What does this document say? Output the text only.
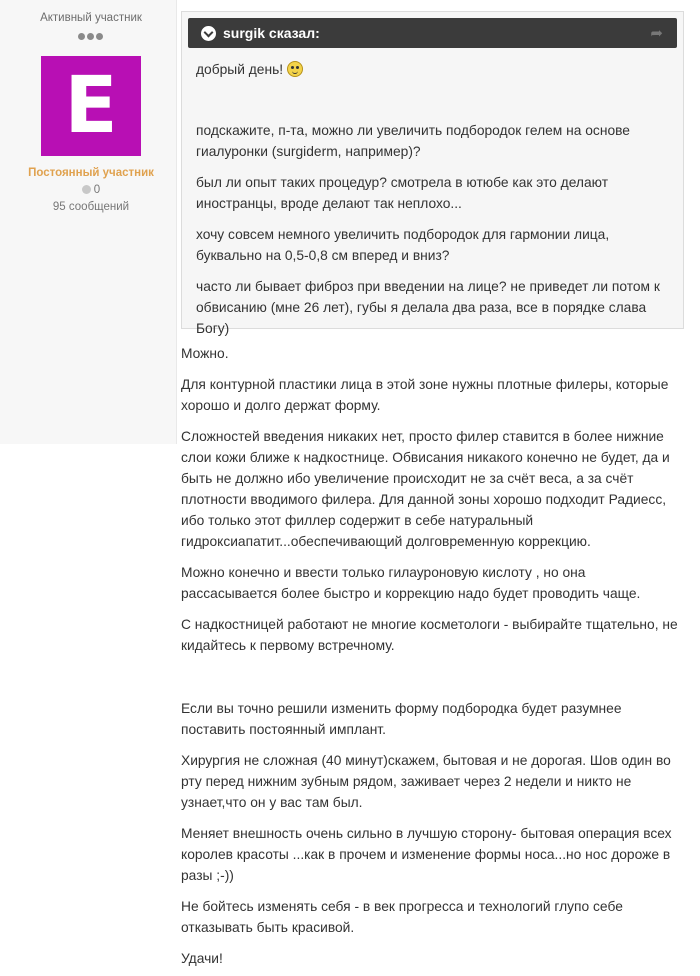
Активный участник
E
Постоянный участник
0
95 сообщений
surgik сказал:	➦

добрый день!

подскажите, п-та, можно ли увеличить подбородок гелем на основе гиалуронки (surgiderm, например)?

был ли опыт таких процедур? смотрела в ютюбе как это делают иностранцы, вроде делают так неплохо...

хочу совсем немного увеличить подбородок для гармонии лица, буквально на 0,5-0,8 см вперед и вниз?

часто ли бывает фиброз при введении на лице? не приведет ли потом к обвисанию (мне 26 лет), губы я делала два раза, все в порядке слава Богу)

Можно.

Для контурной пластики лица в этой зоне нужны плотные филеры, которые хорошо и долго держат форму.

Сложностей введения никаких нет, просто филер ставится в более нижние слои кожи ближе к надкостнице. Обвисания никакого конечно не будет, да и быть не должно ибо увеличение происходит не за счёт веса, а за счёт плотности вводимого филера. Для данной зоны хорошо подходит Радиесс, ибо только этот филлер содержит в себе натуральный гидроксиапатит...обеспечивающий долговременную коррекцию.

Можно конечно и ввести только гилауроновую кислоту , но она рассасывается более быстро и коррекцию надо будет проводить чаще.

С надкостницей работают не многие косметологи - выбирайте тщательно, не кидайтесь к первому встречному.

Если вы точно решили изменить форму подбородка будет разумнее поставить постоянный имплант.

Хирургия не сложная (40 минут)скажем, бытовая и не дорогая. Шов один во рту перед нижним зубным рядом, заживает через 2 недели и никто не узнает,что он у вас там был.

Меняет внешность очень сильно в лучшую сторону- бытовая операция всех королев красоты ...как в прочем и изменение формы носа...но нос дороже в разы ;-))

Не бойтесь изменять себя - в век прогресса и технологий глупо себе отказывать быть красивой.

Удачи!
